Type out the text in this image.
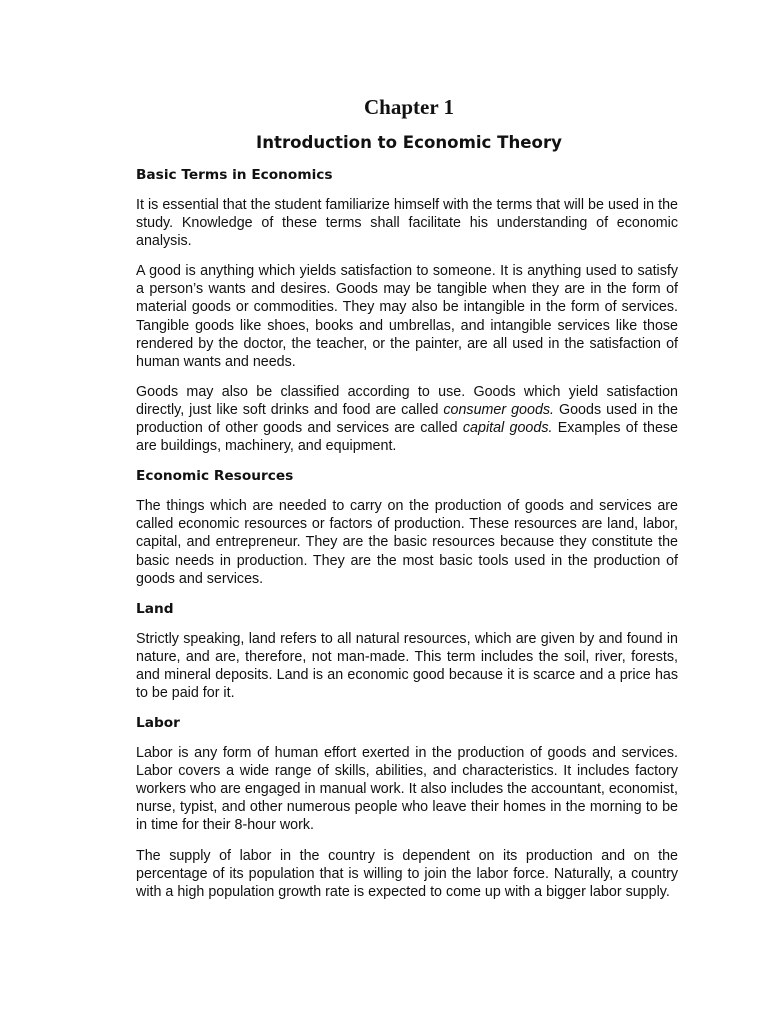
Chapter 1
Introduction to Economic Theory
Basic Terms in Economics

It is essential that the student familiarize himself with the terms that will be used in the study. Knowledge of these terms shall facilitate his understanding of economic analysis.

A good is anything which yields satisfaction to someone. It is anything used to satisfy a person’s wants and desires. Goods may be tangible when they are in the form of material goods or commodities. They may also be intangible in the form of services. Tangible goods like shoes, books and umbrellas, and intangible services like those rendered by the doctor, the teacher, or the painter, are all used in the satisfaction of human wants and needs.

Goods may also be classified according to use. Goods which yield satisfaction directly, just like soft drinks and food are called consumer goods. Goods used in the production of other goods and services are called capital goods. Examples of these are buildings, machinery, and equipment.

Economic Resources

The things which are needed to carry on the production of goods and services are called economic resources or factors of production. These resources are land, labor, capital, and entrepreneur. They are the basic resources because they constitute the basic needs in production. They are the most basic tools used in the production of goods and services.

Land

Strictly speaking, land refers to all natural resources, which are given by and found in nature, and are, therefore, not man-made. This term includes the soil, river, forests, and mineral deposits. Land is an economic good because it is scarce and a price has to be paid for it.

Labor

Labor is any form of human effort exerted in the production of goods and services. Labor covers a wide range of skills, abilities, and characteristics. It includes factory workers who are engaged in manual work. It also includes the accountant, economist, nurse, typist, and other numerous people who leave their homes in the morning to be in time for their 8-hour work.

The supply of labor in the country is dependent on its production and on the percentage of its population that is willing to join the labor force. Naturally, a country with a high population growth rate is expected to come up with a bigger labor supply.
